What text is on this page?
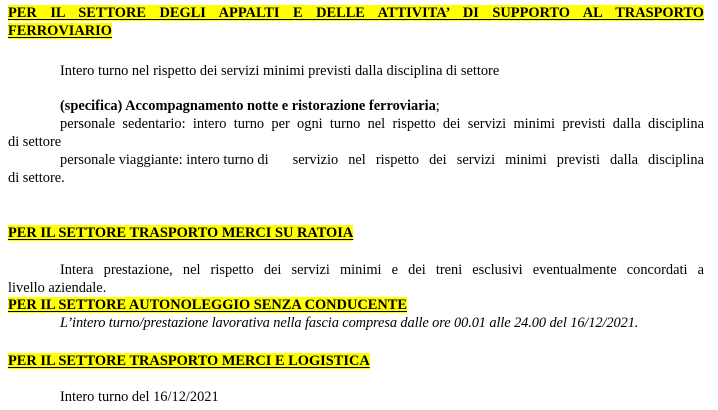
PER IL SETTORE DEGLI APPALTI E DELLE ATTIVITA’ DI SUPPORTO AL TRASPORTO
FERROVIARIO
Intero turno nel rispetto dei servizi minimi previsti dalla disciplina di settore
(specifica) Accompagnamento notte e ristorazione ferroviaria;
personale sedentario: intero turno per ogni turno nel rispetto dei servizi minimi previsti dalla disciplina
di settore
personale viaggiante: intero turno di	servizio nel rispetto dei servizi minimi previsti dalla disciplina
di settore.
PER IL SETTORE TRASPORTO MERCI SU RATOIA
Intera prestazione, nel rispetto dei servizi minimi e dei treni esclusivi eventualmente concordati a
livello aziendale.
PER IL SETTORE AUTONOLEGGIO SENZA CONDUCENTE
L’intero turno/prestazione lavorativa nella fascia compresa dalle ore 00.01 alle 24.00 del 16/12/2021.
PER IL SETTORE TRASPORTO MERCI E LOGISTICA
Intero turno del 16/12/2021
